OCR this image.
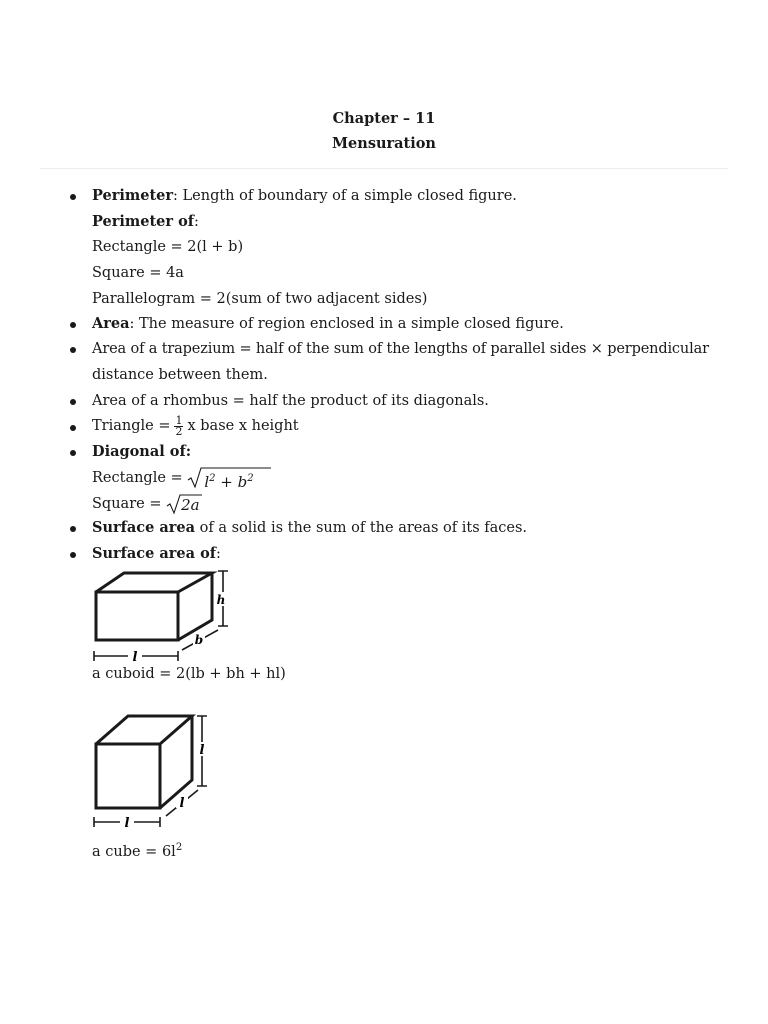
Chapter – 11
Mensuration
Perimeter: Length of boundary of a simple closed figure.
Perimeter of:
Rectangle = 2(l + b)
Square = 4a
Parallelogram = 2(sum of two adjacent sides)
Area: The measure of region enclosed in a simple closed figure.
Area of a trapezium = half of the sum of the lengths of parallel sides × perpendicular
distance between them.
Area of a rhombus = half the product of its diagonals.
Triangle = $\frac{1}{2}$ x base x height
Diagonal of:
Rectangle = $l^2 + b^2$
Square = 2a
Surface area of a solid is the sum of the areas of its faces.
Surface area of:
h
b
l
a cuboid = 2(lb + bh + hl)
l
l
l
a cube = $6l^2$
